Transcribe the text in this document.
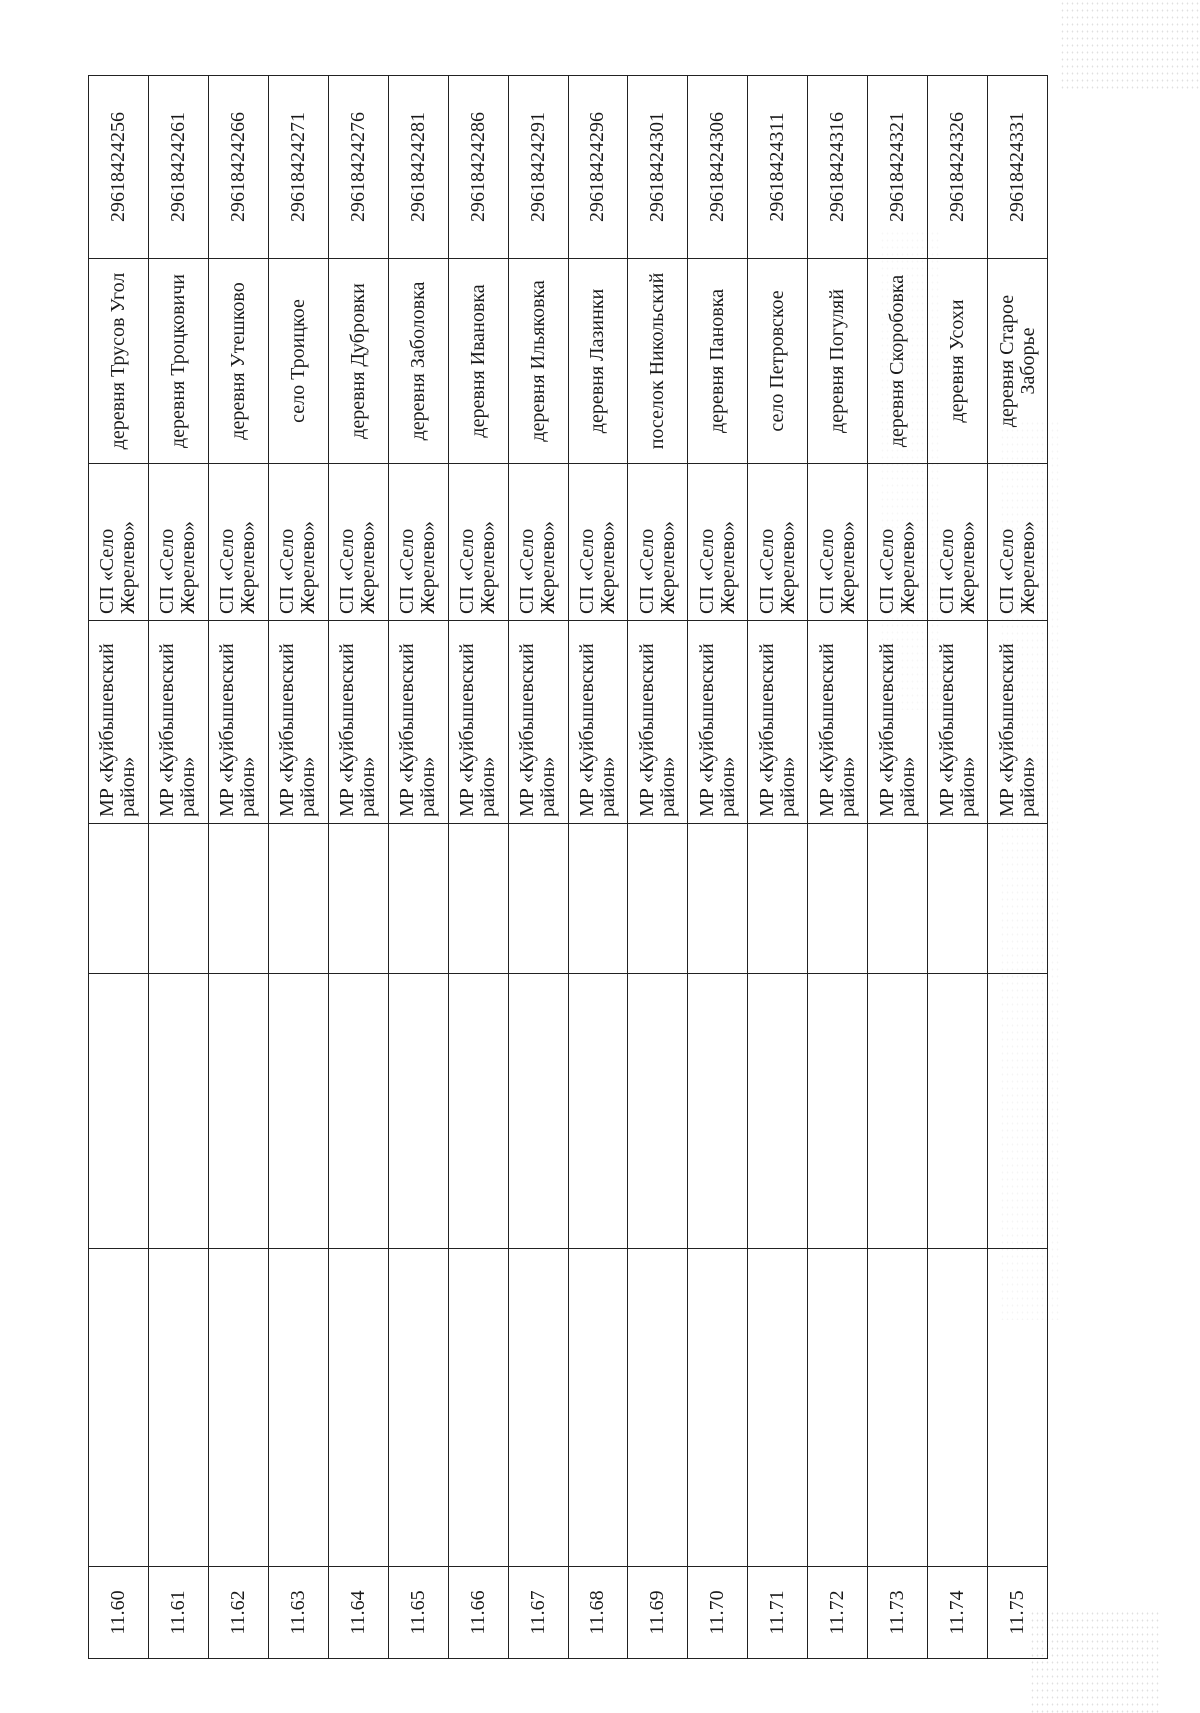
11.60				МР «Куйбышевский район»	СП «Село Жерелево»	деревня Трусов Угол	29618424256
11.61				МР «Куйбышевский район»	СП «Село Жерелево»	деревня Троцковичи	29618424261
11.62				МР «Куйбышевский район»	СП «Село Жерелево»	деревня Утешково	29618424266
11.63				МР «Куйбышевский район»	СП «Село Жерелево»	село Троицкое	29618424271
11.64				МР «Куйбышевский район»	СП «Село Жерелево»	деревня Дубровки	29618424276
11.65				МР «Куйбышевский район»	СП «Село Жерелево»	деревня Заболовка	29618424281
11.66				МР «Куйбышевский район»	СП «Село Жерелево»	деревня Ивановка	29618424286
11.67				МР «Куйбышевский район»	СП «Село Жерелево»	деревня Ильяковка	29618424291
11.68				МР «Куйбышевский район»	СП «Село Жерелево»	деревня Лазинки	29618424296
11.69				МР «Куйбышевский район»	СП «Село Жерелево»	поселок Никольский	29618424301
11.70				МР «Куйбышевский район»	СП «Село Жерелево»	деревня Пановка	29618424306
11.71				МР «Куйбышевский район»	СП «Село Жерелево»	село Петровское	29618424311
11.72				МР «Куйбышевский район»	СП «Село Жерелево»	деревня Погуляй	29618424316
11.73				МР «Куйбышевский район»	СП «Село Жерелево»	деревня Скоробовка	29618424321
11.74				МР «Куйбышевский район»	СП «Село Жерелево»	деревня Усохи	29618424326
11.75				МР «Куйбышевский район»	СП «Село Жерелево»	деревня Старое Заборье	29618424331
